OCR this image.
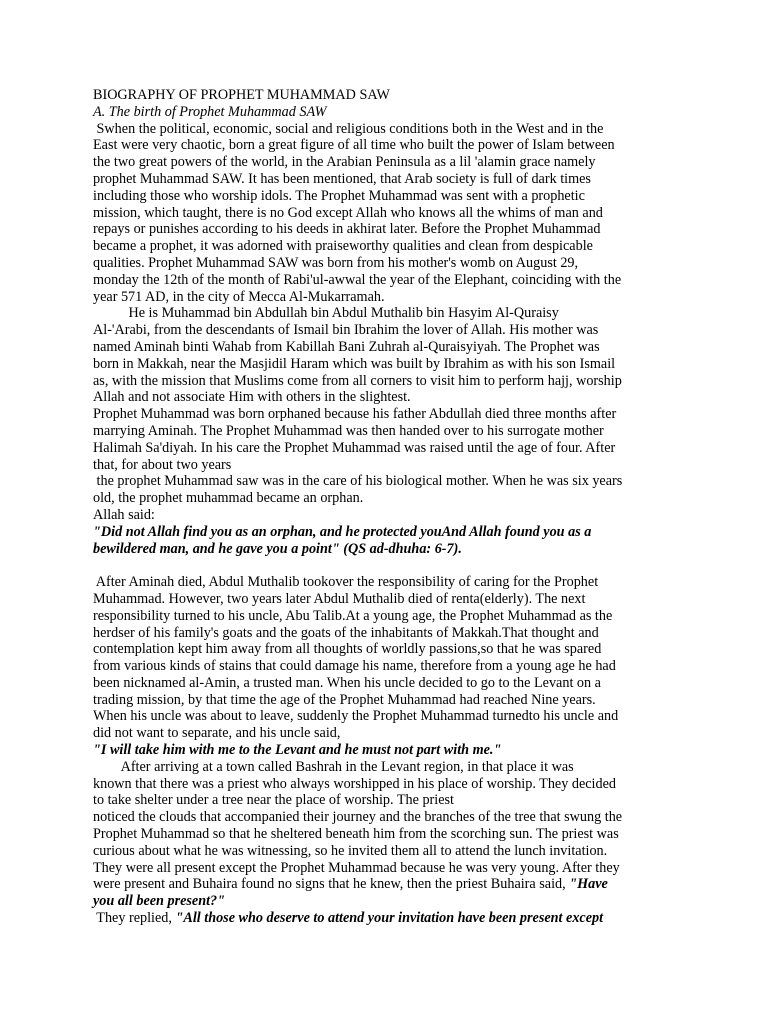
BIOGRAPHY OF PROPHET MUHAMMAD SAW
A. The birth of Prophet Muhammad SAW
Swhen the political, economic, social and religious conditions both in the West and in the
East were very chaotic, born a great figure of all time who built the power of Islam between
the two great powers of the world, in the Arabian Peninsula as a lil 'alamin grace namely
prophet Muhammad SAW. It has been mentioned, that Arab society is full of dark times
including those who worship idols. The Prophet Muhammad was sent with a prophetic
mission, which taught, there is no God except Allah who knows all the whims of man and
repays or punishes according to his deeds in akhirat later. Before the Prophet Muhammad
became a prophet, it was adorned with praiseworthy qualities and clean from despicable
qualities. Prophet Muhammad SAW was born from his mother's womb on August 29,
monday the 12th of the month of Rabi'ul-awwal the year of the Elephant, coinciding with the
year 571 AD, in the city of Mecca Al-Mukarramah.
He is Muhammad bin Abdullah bin Abdul Muthalib bin Hasyim Al-Quraisy
Al-'Arabi, from the descendants of Ismail bin Ibrahim the lover of Allah. His mother was
named Aminah binti Wahab from Kabillah Bani Zuhrah al-Quraisyiyah. The Prophet was
born in Makkah, near the Masjidil Haram which was built by Ibrahim as with his son Ismail
as, with the mission that Muslims come from all corners to visit him to perform hajj, worship
Allah and not associate Him with others in the slightest.
Prophet Muhammad was born orphaned because his father Abdullah died three months after
marrying Aminah. The Prophet Muhammad was then handed over to his surrogate mother
Halimah Sa'diyah. In his care the Prophet Muhammad was raised until the age of four. After
that, for about two years
the prophet Muhammad saw was in the care of his biological mother. When he was six years
old, the prophet muhammad became an orphan.
Allah said:
"Did not Allah find you as an orphan, and he protected youAnd Allah found you as a
bewildered man, and he gave you a point" (QS ad-dhuha: 6-7).
After Aminah died, Abdul Muthalib tookover the responsibility of caring for the Prophet
Muhammad. However, two years later Abdul Muthalib died of renta(elderly). The next
responsibility turned to his uncle, Abu Talib.At a young age, the Prophet Muhammad as the
herdser of his family's goats and the goats of the inhabitants of Makkah.That thought and
contemplation kept him away from all thoughts of worldly passions,so that he was spared
from various kinds of stains that could damage his name, therefore from a young age he had
been nicknamed al-Amin, a trusted man. When his uncle decided to go to the Levant on a
trading mission, by that time the age of the Prophet Muhammad had reached Nine years.
When his uncle was about to leave, suddenly the Prophet Muhammad turnedto his uncle and
did not want to separate, and his uncle said,
"I will take him with me to the Levant and he must not part with me."
After arriving at a town called Bashrah in the Levant region, in that place it was
known that there was a priest who always worshipped in his place of worship. They decided
to take shelter under a tree near the place of worship. The priest
noticed the clouds that accompanied their journey and the branches of the tree that swung the
Prophet Muhammad so that he sheltered beneath him from the scorching sun. The priest was
curious about what he was witnessing, so he invited them all to attend the lunch invitation.
They were all present except the Prophet Muhammad because he was very young. After they
were present and Buhaira found no signs that he knew, then the priest Buhaira said, "Have
you all been present?"
They replied, "All those who deserve to attend your invitation have been present except
